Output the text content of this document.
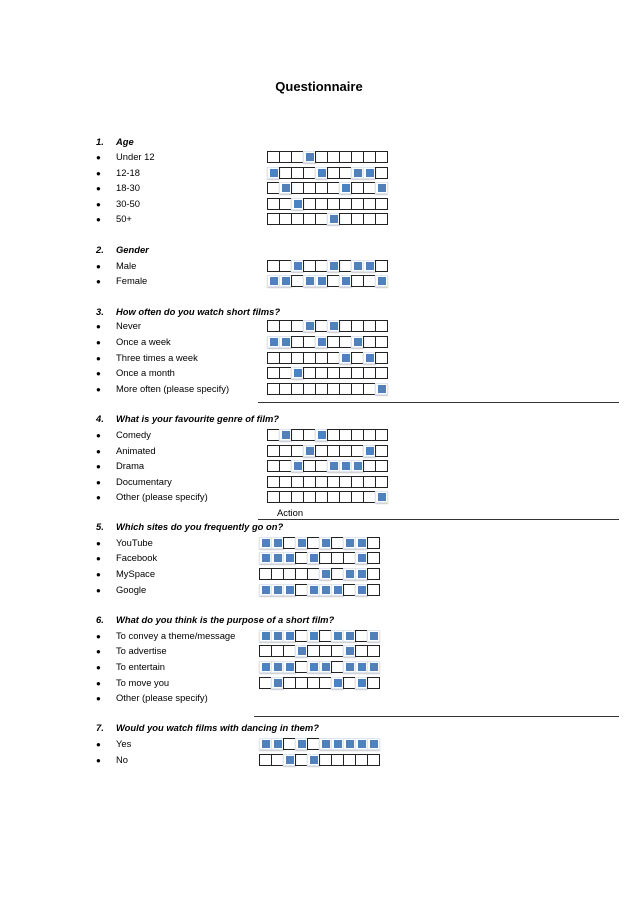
Questionnaire
1. Age
● Under 12
● 12-18
● 18-30
● 30-50
● 50+
2. Gender
● Male
● Female
3. How often do you watch short films?
● Never
● Once a week
● Three times a week
● Once a month
● More often (please specify)
4. What is your favourite genre of film?
● Comedy
● Animated
● Drama
● Documentary
● Other (please specify)
5. Which sites do you frequently go on?
● YouTube
● Facebook
● MySpace
● Google
6. What do you think is the purpose of a short film?
● To convey a theme/message
● To advertise
● To entertain
● To move you
● Other (please specify)
7. Would you watch films with dancing in them?
● Yes
● No
Action
